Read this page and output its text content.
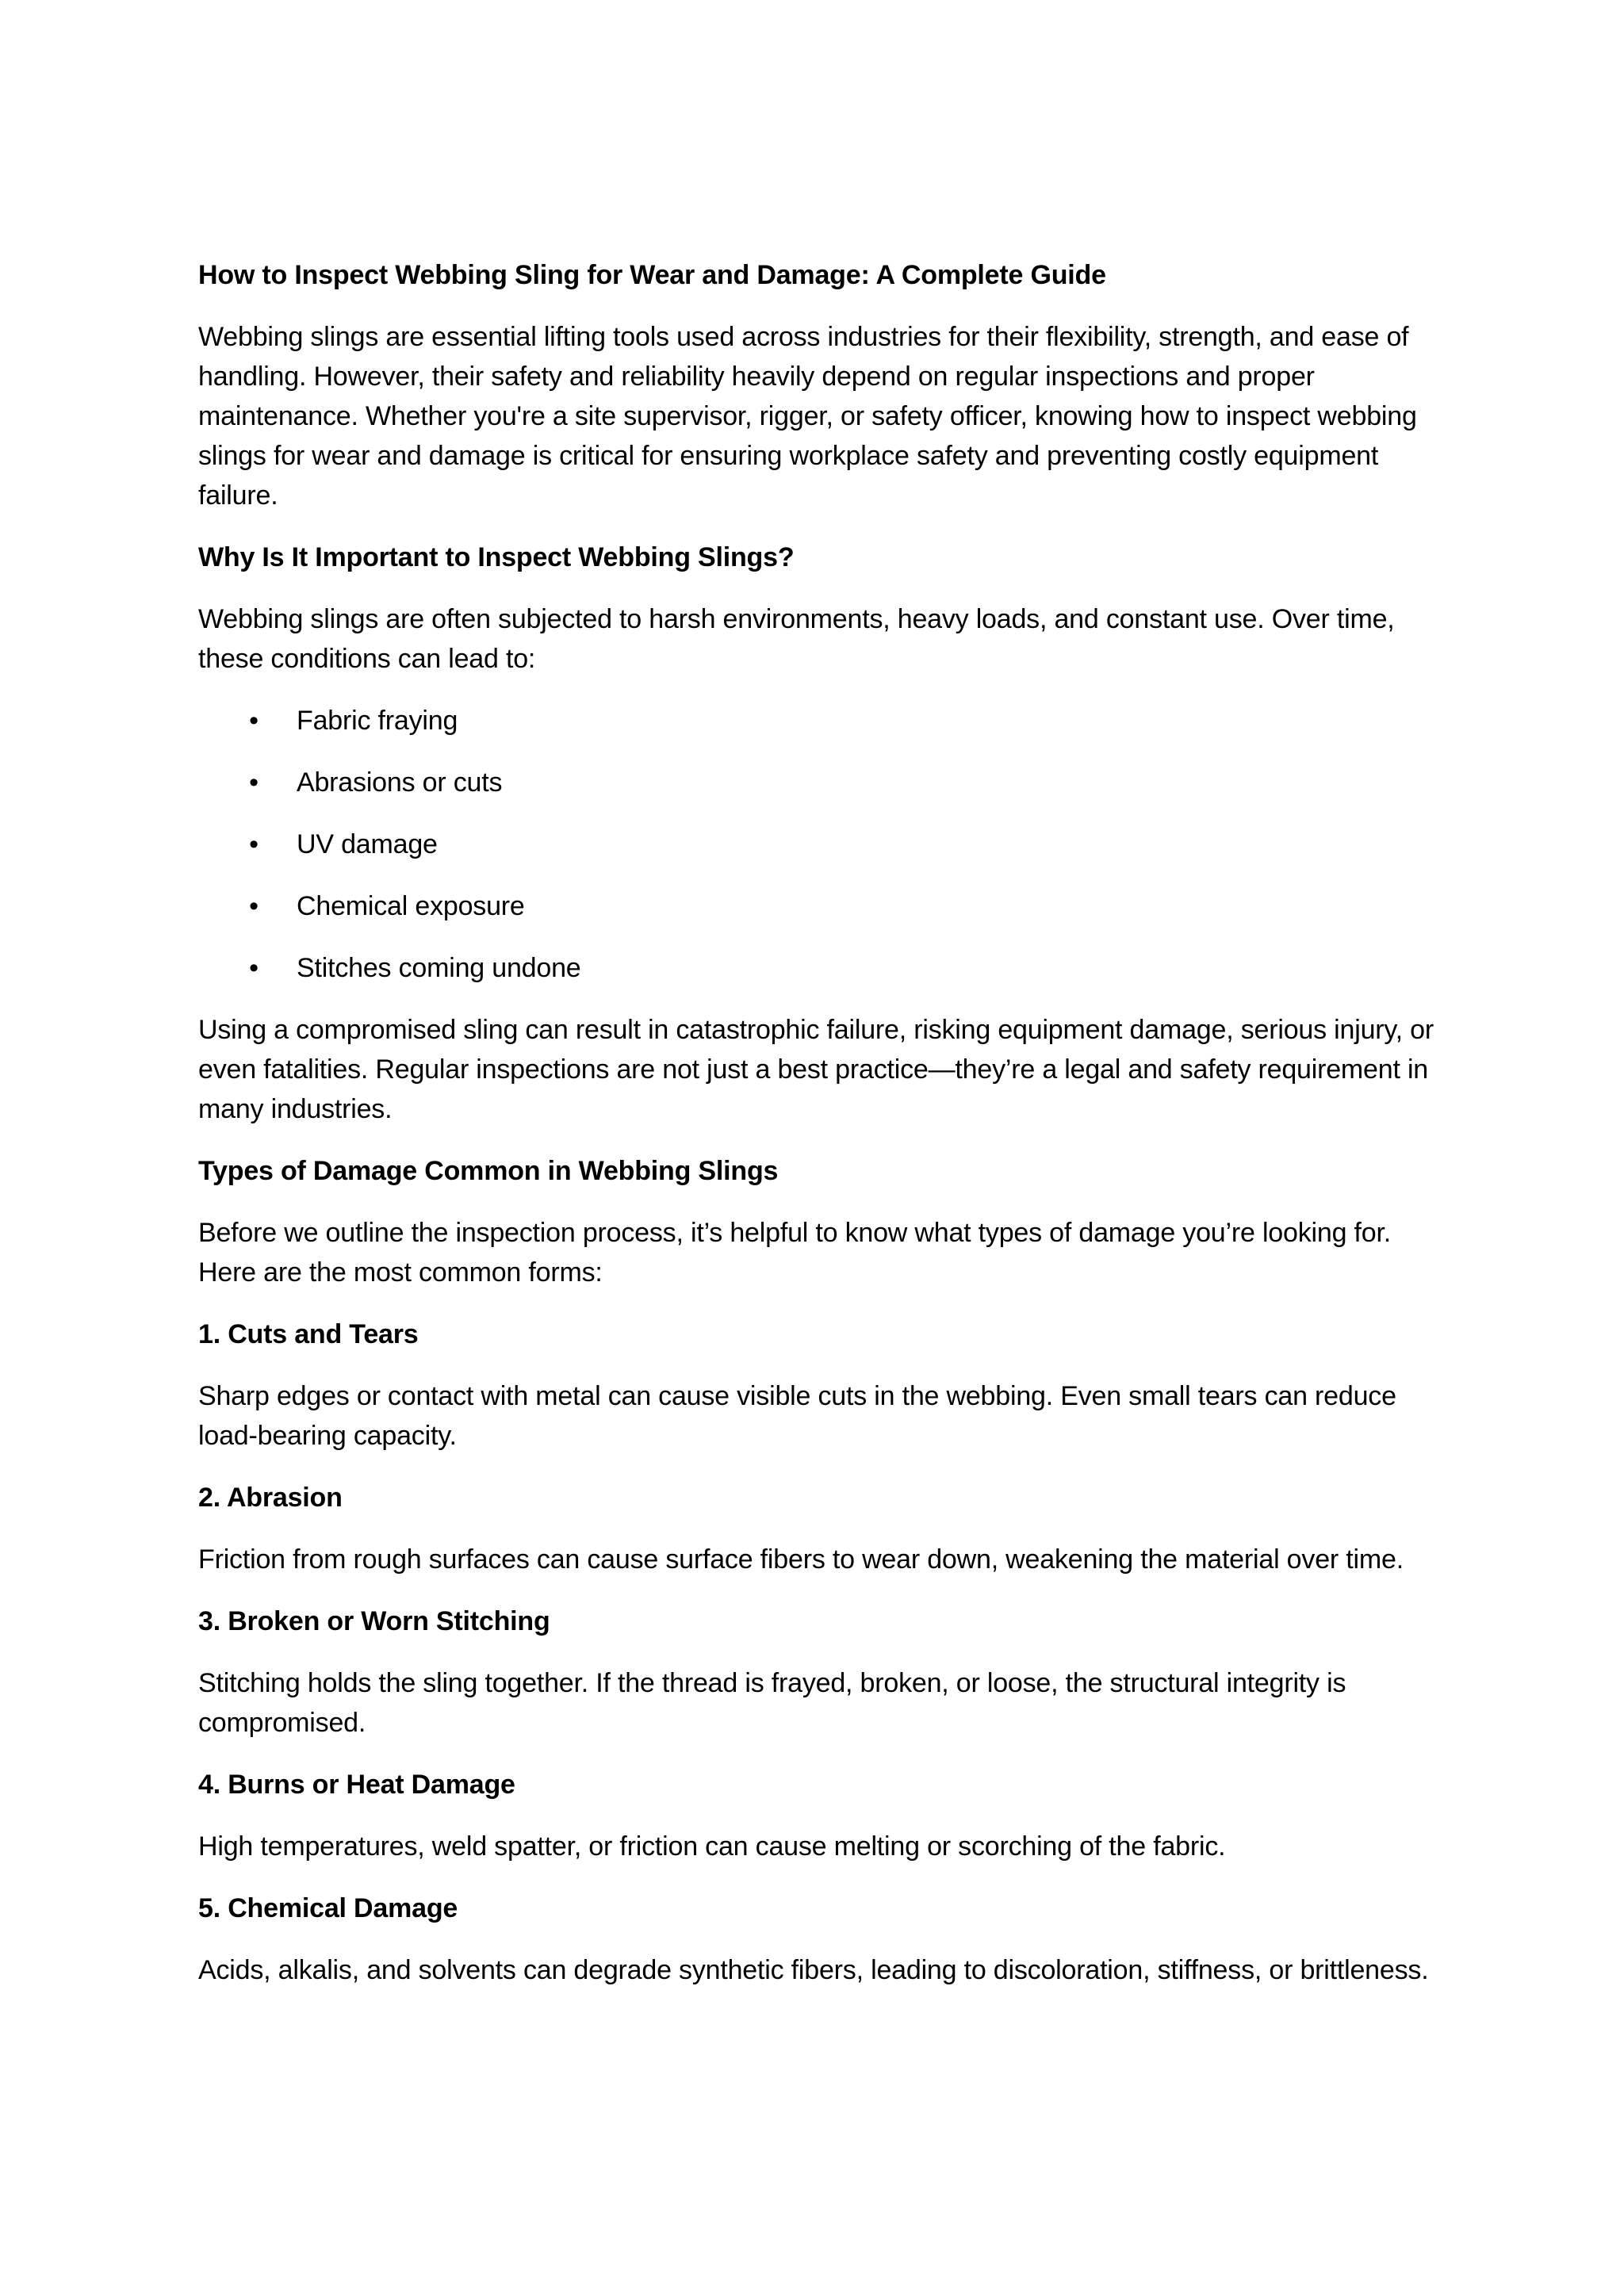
How to Inspect Webbing Sling for Wear and Damage: A Complete Guide
Webbing slings are essential lifting tools used across industries for their flexibility, strength, and ease of handling. However, their safety and reliability heavily depend on regular inspections and proper maintenance. Whether you're a site supervisor, rigger, or safety officer, knowing how to inspect webbing slings for wear and damage is critical for ensuring workplace safety and preventing costly equipment failure.
Why Is It Important to Inspect Webbing Slings?
Webbing slings are often subjected to harsh environments, heavy loads, and constant use. Over time, these conditions can lead to:
• Fabric fraying
• Abrasions or cuts
• UV damage
• Chemical exposure
• Stitches coming undone
Using a compromised sling can result in catastrophic failure, risking equipment damage, serious injury, or even fatalities. Regular inspections are not just a best practice—they’re a legal and safety requirement in many industries.
Types of Damage Common in Webbing Slings
Before we outline the inspection process, it’s helpful to know what types of damage you’re looking for. Here are the most common forms:
1. Cuts and Tears
Sharp edges or contact with metal can cause visible cuts in the webbing. Even small tears can reduce load-bearing capacity.
2. Abrasion
Friction from rough surfaces can cause surface fibers to wear down, weakening the material over time.
3. Broken or Worn Stitching
Stitching holds the sling together. If the thread is frayed, broken, or loose, the structural integrity is compromised.
4. Burns or Heat Damage
High temperatures, weld spatter, or friction can cause melting or scorching of the fabric.
5. Chemical Damage
Acids, alkalis, and solvents can degrade synthetic fibers, leading to discoloration, stiffness, or brittleness.
